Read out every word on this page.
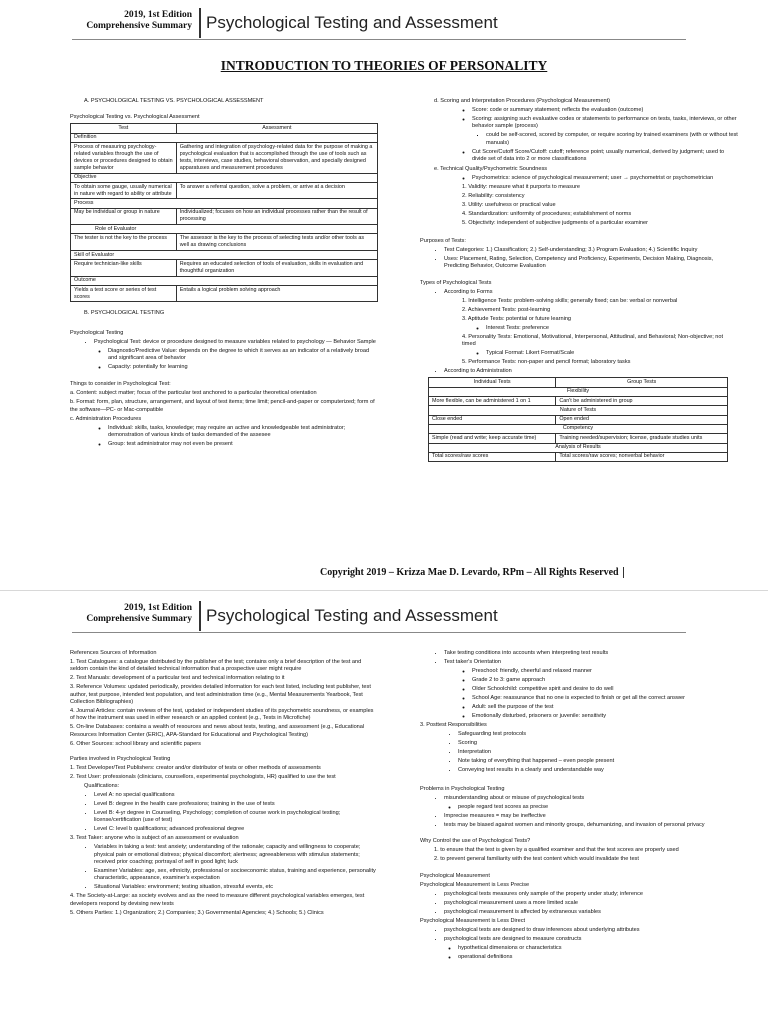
2019, 1st Edition
Comprehensive Summary Psychological Testing and Assessment
INTRODUCTION TO THEORIES OF PERSONALITY

A. PSYCHOLOGICAL TESTING VS. PSYCHOLOGICAL ASSESSMENT

Psychological Testing vs. Psychological Assessment

Test	Assessment
Definition	
Process of measuring psychology-related variables through the use of devices or procedures designed to obtain sample behavior	Gathering and integration of psychology-related data for the purpose of making a psychological evaluation that is accomplished through the use of tools such as tests, interviews, case studies, behavioral observation, and specially designed apparatuses and measurement procedures
Objective	
To obtain some gauge, usually numerical in nature with regard to ability or attribute	To answer a referral question, solve a problem, or arrive at a decision
Process	
May be individual or group in nature	Individualized; focuses on how an individual processes rather than the result of processing
Role of Evaluator	
The tester is not the key to the process	The assessor is the key to the process of selecting tests and/or other tools as well as drawing conclusions
Skill of Evaluator	
Require technician-like skills	Requires an educated selection of tools of evaluation, skills in evaluation and thoughtful organization
Outcome	
Yields a test score or series of test scores	Entails a logical problem solving approach

B. PSYCHOLOGICAL TESTING

Psychological Testing

• Psychological Test: device or procedure designed to measure variables related to psychology — Behavior Sample
◦ Diagnostic/Predictive Value: depends on the degree to which it serves as an indicator of a relatively broad and significant area of behavior
◦ Capacity: potentially for learning

Things to consider in Psychological Test:

a. Content: subject matter; focus of the particular test anchored to a particular theoretical orientation

b. Format: form, plan, structure, arrangement, and layout of test items; time limit; pencil-and-paper or computerized; form of the software—PC- or Mac-compatible

c. Administration Procedures

◦ Individual: skills, tasks, knowledge; may require an active and knowledgeable test administrator; demonstration of various kinds of tasks demanded of the assesee
◦ Group: test administrator may not even be present

d. Scoring and Interpretation Procedures (Psychological Measurement)

◦ Score: code or summary statement; reflects the evaluation (outcome)
◦ Scoring: assigning such evaluative codes or statements to performance on tests, tasks, interviews, or other behavior sample (process)
▪ could be self-scored, scored by computer, or require scoring by trained examiners (with or without test manuals)
◦ Cut Score/Cutoff Score/Cutoff: cutoff; reference point; usually numerical, derived by judgment; used to divide set of data into 2 or more classifications

e. Technical Quality/Psychometric Soundness

◦ Psychometrics: science of psychological measurement; user → psychometrist or psychometrician

1. Validity: measure what it purports to measure

2. Reliability: consistency

3. Utility: usefulness or practical value

4. Standardization: uniformity of procedures; establishment of norms

5. Objectivity: independent of subjective judgments of a particular examiner

Purposes of Tests:

• Test Categories: 1.) Classification; 2.) Self-understanding; 3.) Program Evaluation; 4.) Scientific Inquiry
• Uses: Placement, Rating, Selection, Competency and Proficiency, Experiments, Decision Making, Diagnosis, Predicting Behavior, Outcome Evaluation

Types of Psychological Tests

• According to Forms

1. Intelligence Tests: problem-solving skills; generally fixed; can be: verbal or nonverbal

2. Achievement Tests: post-learning

3. Aptitude Tests: potential or future learning

◦ Interest Tests: preference

4. Personality Tests: Emotional, Motivational, Interpersonal, Attitudinal, and Behavioral; Non-objective; not timed

◦ Typical Format: Likert Format/Scale

5. Performance Tests: non-paper and pencil format; laboratory tasks

• According to Administration
Individual Tests	Group Tests
Flexibility	
More flexible, can be administered 1 on 1	Can't be administered in group
Nature of Tests	
Close ended	Open ended
Competency	
Simple (read and write; keep accurate time)	Training needed/supervision; license, graduate studies units
Analysis of Results	
Total scores/raw scores	Total scores/raw scores; nonverbal behavior
Copyright 2019 – Krizza Mae D. Levardo, RPm – All Rights Reserved
2019, 1st Edition
Comprehensive Summary Psychological Testing and Assessment

References Sources of Information

1. Test Catalogues: a catalogue distributed by the publisher of the test; contains only a brief description of the test and seldom contain the kind of detailed technical information that a prospective user might require

2. Test Manuals: development of a particular test and technical information relating to it

3. Reference Volumes: updated periodically, provides detailed information for each test listed, including test publisher, test author, test purpose, intended test population, and test administration time (e.g., Mental Measurements Yearbook, Test Collection Bibliographies)

4. Journal Articles: contain reviews of the test, updated or independent studies of its psychometric soundness, or examples of how the instrument was used in either research or an applied context (e.g., Tests in Microfiche)

5. On-line Databases: contains a wealth of resources and news about tests, testing, and assessment (e.g., Educational Resources Information Center (ERIC), APA-Standard for Educational and Psychological Testing)

6. Other Sources: school library and scientific papers

Parties involved in Psychological Testing

1. Test Developer/Test Publishers: creator and/or distributor of tests or other methods of assessments

2. Test User: professionals (clinicians, counsellors, experimental psychologists, HR) qualified to use the test

Qualifications:

• Level A: no special qualifications
• Level B: degree in the health care professions; training in the use of tests
• Level B: 4-yr degree in Counseling, Psychology; completion of course work in psychological testing; license/certification (use of test)
• Level C: level b qualifications; advanced professional degree

3. Test Taker: anyone who is subject of an assessment or evaluation

• Variables in taking a test: test anxiety; understanding of the rationale; capacity and willingness to cooperate; physical pain or emotional distress; physical discomfort; alertness; agreeableness with stimulus statements; received prior coaching; portrayal of self in good light; luck
• Examiner Variables: age, sex, ethnicity, professional or socioeconomic status, training and experience, personality characteristic, appearance, examiner's expectation
• Situational Variables: environment; testing situation, stressful events, etc

4. The Society-at-Large: as society evolves and as the need to measure different psychological variables emerges, test developers respond by devising new tests

5. Others Parties: 1.) Organization; 2.) Companies; 3.) Governmental Agencies; 4.) Schools; 5.) Clinics

• Take testing conditions into accounts when interpreting test results
• Test taker's Orientation
◦ Preschool: friendly, cheerful and relaxed manner
◦ Grade 2 to 3: game approach
◦ Older Schoolchild: competitive spirit and desire to do well
◦ School Age: reassurance that no one is expected to finish or get all the correct answer
◦ Adult: sell the purpose of the test
◦ Emotionally disturbed, prisoners or juvenile: sensitivity

3. Posttest Responsibilities

• Safeguarding test protocols
• Scoring
• Interpretation
• Note taking of everything that happened – even people present
• Conveying test results in a clearly and understandable way

Problems in Psychological Testing

• misunderstanding about or misuse of psychological tests
◦ people regard test scores as precise
• Imprecise measures = may be ineffective
• tests may be biased against women and minority groups, dehumanizing, and invasion of personal privacy

Why Control the use of Psychological Tests?

1. to ensure that the test is given by a qualified examiner and that the test scores are properly used

2. to prevent general familiarity with the test content which would invalidate the test

Psychological Measurement

Psychological Measurement is Less Precise

• psychological tests measures only sample of the property under study; inference
• psychological measurement uses a more limited scale
• psychological measurement is affected by extraneous variables

Psychological Measurement is Less Direct

• psychological tests are designed to draw inferences about underlying attributes
• psychological tests are designed to measure constructs
◦ hypothetical dimensions or characteristics
◦ operational definitions
